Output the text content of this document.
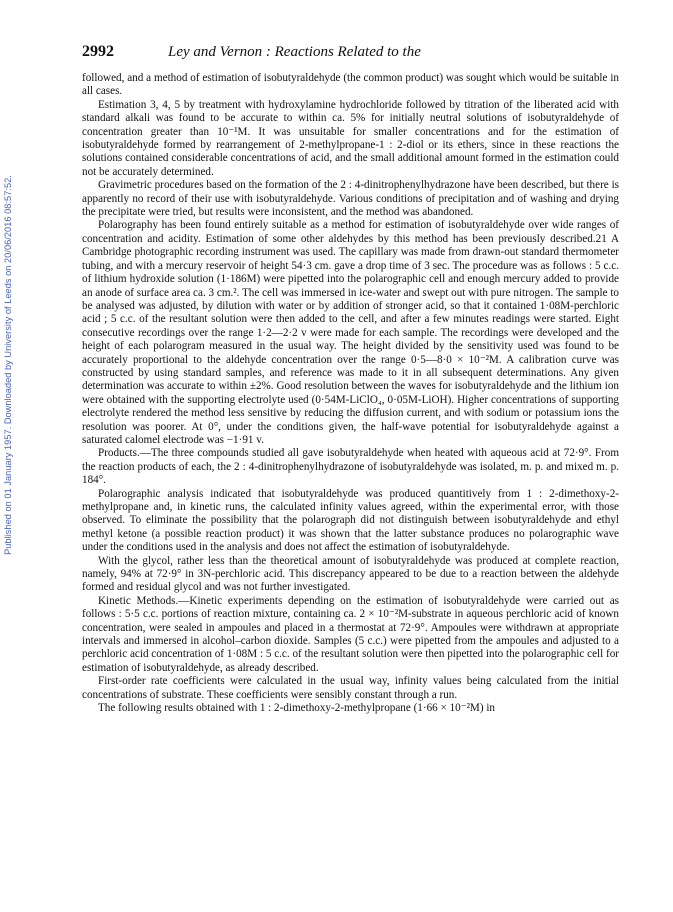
Published on 01 January 1957. Downloaded by University of Leeds on 20/06/2016 08:57:52.
2992	Ley and Vernon : Reactions Related to the

followed, and a method of estimation of isobutyraldehyde (the common product) was sought which would be suitable in all cases.

Estimation 3, 4, 5 by treatment with hydroxylamine hydrochloride followed by titration of the liberated acid with standard alkali was found to be accurate to within ca. 5% for initially neutral solutions of isobutyraldehyde of concentration greater than 10⁻¹M. It was unsuitable for smaller concentrations and for the estimation of isobutyraldehyde formed by rearrangement of 2-methylpropane-1 : 2-diol or its ethers, since in these reactions the solutions contained considerable concentrations of acid, and the small additional amount formed in the estimation could not be accurately determined.

Gravimetric procedures based on the formation of the 2 : 4-dinitrophenylhydrazone have been described, but there is apparently no record of their use with isobutyraldehyde. Various conditions of precipitation and of washing and drying the precipitate were tried, but results were inconsistent, and the method was abandoned.

Polarography has been found entirely suitable as a method for estimation of isobutyraldehyde over wide ranges of concentration and acidity. Estimation of some other aldehydes by this method has been previously described.21 A Cambridge photographic recording instrument was used. The capillary was made from drawn-out standard thermometer tubing, and with a mercury reservoir of height 54·3 cm. gave a drop time of 3 sec. The procedure was as follows : 5 c.c. of lithium hydroxide solution (1·186M) were pipetted into the polarographic cell and enough mercury added to provide an anode of surface area ca. 3 cm.². The cell was immersed in ice-water and swept out with pure nitrogen. The sample to be analysed was adjusted, by dilution with water or by addition of stronger acid, so that it contained 1·08M-perchloric acid ; 5 c.c. of the resultant solution were then added to the cell, and after a few minutes readings were started. Eight consecutive recordings over the range 1·2—2·2 v were made for each sample. The recordings were developed and the height of each polarogram measured in the usual way. The height divided by the sensitivity used was found to be accurately proportional to the aldehyde concentration over the range 0·5—8·0 × 10⁻²M. A calibration curve was constructed by using standard samples, and reference was made to it in all subsequent determinations. Any given determination was accurate to within ±2%. Good resolution between the waves for isobutyraldehyde and the lithium ion were obtained with the supporting electrolyte used (0·54M-LiClO₄, 0·05M-LiOH). Higher concentrations of supporting electrolyte rendered the method less sensitive by reducing the diffusion current, and with sodium or potassium ions the resolution was poorer. At 0°, under the conditions given, the half-wave potential for isobutyraldehyde against a saturated calomel electrode was −1·91 v.

Products.—The three compounds studied all gave isobutyraldehyde when heated with aqueous acid at 72·9°. From the reaction products of each, the 2 : 4-dinitrophenylhydrazone of isobutyraldehyde was isolated, m. p. and mixed m. p. 184°.

Polarographic analysis indicated that isobutyraldehyde was produced quantitively from 1 : 2-dimethoxy-2-methylpropane and, in kinetic runs, the calculated infinity values agreed, within the experimental error, with those observed. To eliminate the possibility that the polarograph did not distinguish between isobutyraldehyde and ethyl methyl ketone (a possible reaction product) it was shown that the latter substance produces no polarographic wave under the conditions used in the analysis and does not affect the estimation of isobutyraldehyde.

With the glycol, rather less than the theoretical amount of isobutyraldehyde was produced at complete reaction, namely, 94% at 72·9° in 3N-perchloric acid. This discrepancy appeared to be due to a reaction between the aldehyde formed and residual glycol and was not further investigated.

Kinetic Methods.—Kinetic experiments depending on the estimation of isobutyraldehyde were carried out as follows : 5·5 c.c. portions of reaction mixture, containing ca. 2 × 10⁻²M-substrate in aqueous perchloric acid of known concentration, were sealed in ampoules and placed in a thermostat at 72·9°. Ampoules were withdrawn at appropriate intervals and immersed in alcohol–carbon dioxide. Samples (5 c.c.) were pipetted from the ampoules and adjusted to a perchloric acid concentration of 1·08M : 5 c.c. of the resultant solution were then pipetted into the polarographic cell for estimation of isobutyraldehyde, as already described.

First-order rate coefficients were calculated in the usual way, infinity values being calculated from the initial concentrations of substrate. These coefficients were sensibly constant through a run.

The following results obtained with 1 : 2-dimethoxy-2-methylpropane (1·66 × 10⁻²M) in
